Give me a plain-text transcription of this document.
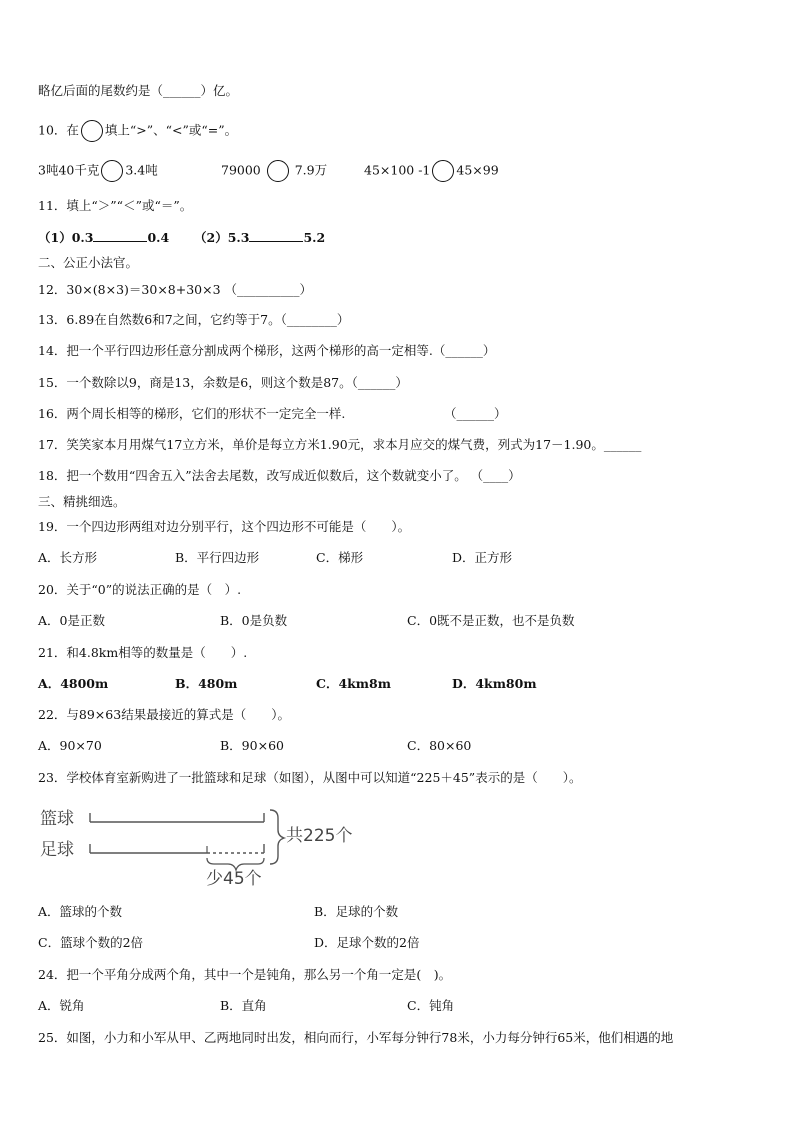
略亿后面的尾数约是（______）亿。
10．在 填上“>”、“<”或“=”。
3吨40千克 3.4吨	79000	7.9万	45×100 -1 45×99
11．填上“＞”“＜”或“＝”。
（1）0.3	0.4 （2）5.3	5.2
二、公正小法官。
12．30×(8×3)＝30×8+30×3 （__________）
13．6.89在自然数6和7之间，它约等于7。（________）
14．把一个平行四边形任意分割成两个梯形，这两个梯形的高一定相等.（______）
15．一个数除以9，商是13，余数是6，则这个数是87。（______）
16．两个周长相等的梯形，它们的形状不一定完全一样.	（______）
17．笑笑家本月用煤气17立方米，单价是每立方米1.90元，求本月应交的煤气费，列式为17－1.90。______
18．把一个数用“四舍五入”法舍去尾数，改写成近似数后，这个数就变小了。 （____）
三、精挑细选。
19．一个四边形两组对边分别平行，这个四边形不可能是（　　）。
A．长方形	B．平行四边形	C．梯形	D．正方形
20．关于“0”的说法正确的是（　）.
A．0是正数	B．0是负数	C．0既不是正数，也不是负数
21．和4.8km相等的数量是（　　）.
A．4800m	B．480m	C．4km8m	D．4km80m
22．与89×63结果最接近的算式是（　　）。
A．90×70	B．90×60	C．80×60
23．学校体育室新购进了一批篮球和足球（如图），从图中可以知道“225＋45”表示的是（　　）。
篮球
足球
共225个
少45个
A．篮球的个数	B．足球的个数
C．篮球个数的2倍	D．足球个数的2倍
24．把一个平角分成两个角，其中一个是钝角，那么另一个角一定是(　)。
A．锐角	B．直角	C．钝角
25．如图，小力和小军从甲、乙两地同时出发，相向而行，小军每分钟行78米，小力每分钟行65米，他们相遇的地
